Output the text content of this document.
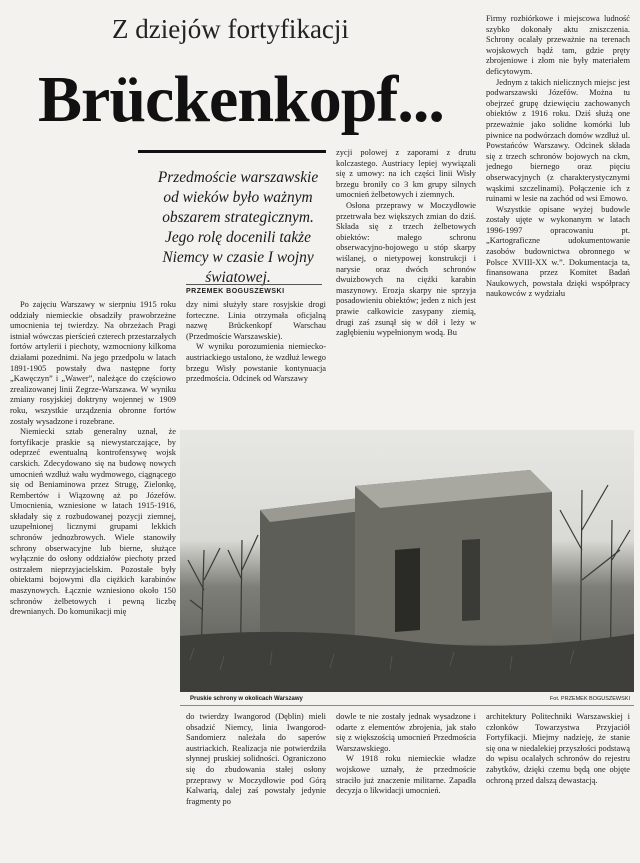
Z dziejów fortyfikacji
Brückenkopf...
Przedmoście warszawskie od wieków było ważnym obszarem strategicznym. Jego rolę docenili także Niemcy w czasie I wojny światowej.
PRZEMEK BOGUSZEWSKI

Po zajęciu Warszawy w sierpniu 1915 roku oddziały niemieckie obsadziły prawobrzeżne umocnienia tej twierdzy. Na obrzeżach Pragi istniał wówczas pierścień czterech przestarzałych fortów artylerii i piechoty, wzmocniony kilkoma działami pozednimi. Na jego przedpolu w latach 1891-1905 powstały dwa następne forty „Kawęczyn” i „Wawer”, należące do częściowo zrealizowanej linii Zegrze-Warszawa. W wyniku zmiany rosyjskiej doktryny wojennej w 1909 roku, wszystkie urządzenia obronne fortów zostały wysadzone i rozebrane.

Niemiecki sztab generalny uznał, że fortyfikacje praskie są niewystarczające, by odeprzeć ewentualną kontrofensywę wojsk carskich. Zdecydowano się na budowę nowych umocnień wzdłuż wału wydmowego, ciągnącego się od Beniaminowa przez Strugę, Zielonkę, Rembertów i Wiązownę aż po Józefów. Umocnienia, wzniesione w latach 1915-1916, składały się z rozbudowanej pozycji ziemnej, uzupełnionej licznymi grupami lekkich schronów jednozbrowych. Wiele stanowiły schrony obserwacyjne lub bierne, służące wyłącznie do osłony oddziałów piechoty przed ostrzałem nieprzyjacielskim. Pozostałe były obiektami bojowymi dla ciężkich karabinów maszynowych. Łącznie wzniesiono około 150 schronów żelbetowych i pewną liczbę drewnianych. Do komunikacji mię

dzy nimi służyły stare rosyjskie drogi forteczne. Linia otrzymała oficjalną nazwę Brückenkopf Warschau (Przedmoście Warszawskie).

W wyniku porozumienia niemiecko-austriackiego ustalono, że wzdłuż lewego brzegu Wisły powstanie kontynuacja przedmościa. Odcinek od Warszawy

zycji polowej z zaporami z drutu kolczastego. Austriacy lepiej wywiązali się z umowy: na ich części linii Wisły brzegu broniły co 3 km grupy silnych umocnień żelbetowych i ziemnych.

Osłona przeprawy w Moczydłowie przetrwała bez większych zmian do dziś. Składa się z trzech żelbetowych obiektów: małego schronu obserwacyjno-bojowego u stóp skarpy wiślanej, o nietypowej konstrukcji i narysie oraz dwóch schronów dwuizbowych na ciężki karabin maszynowy. Erozja skarpy nie sprzyja posadowieniu obiektów; jeden z nich jest prawie całkowicie zasypany ziemią, drugi zaś zsunął się w dół i leży w zagłębieniu wypełnionym wodą. Bu

Firmy rozbiórkowe i miejscowa ludność szybko dokonały aktu zniszczenia. Schrony ocalały przeważnie na terenach wojskowych bądź tam, gdzie pręty zbrojeniowe i złom nie były materiałem deficytowym.

Jednym z takich nielicznych miejsc jest podwarszawski Józefów. Można tu obejrzeć grupę dziewięciu zachowanych obiektów z 1916 roku. Dziś służą one przeważnie jako solidne komórki lub piwnice na podwórzach domów wzdłuż ul. Powstańców Warszawy. Odcinek składa się z trzech schronów bojowych na ckm, jednego biernego oraz pięciu obserwacyjnych (z charakterystycznymi wąskimi szczelinami). Połączenie ich z ruinami w lesie na zachód od wsi Emowo.

Wszystkie opisane wyżej budowle zostały ujęte w wykonanym w latach 1996-1997 opracowaniu pt. „Kartograficzne udokumentowanie zasobów budownictwa obronnego w Polsce XVIII-XX w.”. Dokumentacja ta, finansowana przez Komitet Badań Naukowych, powstała dzięki współpracy naukowców z wydziału

Pruskie schrony w okolicach Warszawy	Fot. PRZEMEK BOGUSZEWSKI

do twierdzy Iwangorod (Dęblin) mieli obsadzić Niemcy, linia Iwangorod-Sandomierz należała do saperów austriackich. Realizacja nie potwierdziła słynnej pruskiej solidności. Ograniczono się do zbudowania stałej osłony przeprawy w Moczydłowie pod Górą Kalwarią, dalej zaś powstały jedynie fragmenty po

dowle te nie zostały jednak wysadzone i odarte z elementów zbrojenia, jak stało się z większością umocnień Przedmościa Warszawskiego.

W 1918 roku niemieckie władze wojskowe uznały, że przedmoście straciło już znaczenie militarne. Zapadła decyzja o likwidacji umocnień.

architektury Politechniki Warszawskiej i członków Towarzystwa Przyjaciół Fortyfikacji. Miejmy nadzieję, że stanie się ona w niedalekiej przyszłości podstawą do wpisu ocalałych schronów do rejestru zabytków, dzięki czemu będą one objęte ochroną przed dalszą dewastacją.
